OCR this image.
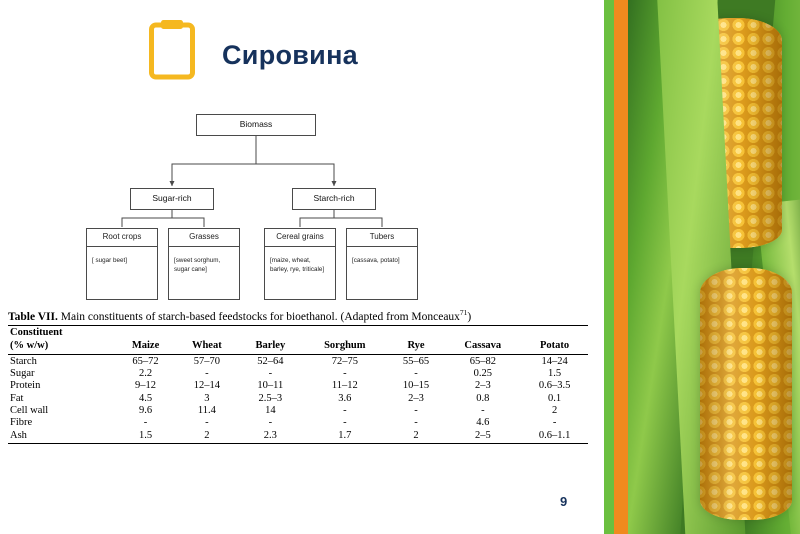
Сировина
Biomass
Sugar-rich	Starch-rich
Root crops
[ sugar beet]
Grasses
[sweet sorghum, sugar cane]
Cereal grains
[maize, wheat, barley, rye, triticale]
Tubers
[cassava, potato]
Table VII. Main constituents of starch-based feedstocks for bioethanol. (Adapted from Monceaux$^{71}$)
Constituent							
(% w/w)	Maize	Wheat	Barley	Sorghum	Rye	Cassava	Potato
Starch	65–72	57–70	52–64	72–75	55–65	65–82	14–24
Sugar	2.2	-	-	-	-	0.25	1.5
Protein	9–12	12–14	10–11	11–12	10–15	2–3	0.6–3.5
Fat	4.5	3	2.5–3	3.6	2–3	0.8	0.1
Cell wall	9.6	11.4	14	-	-	-	2
Fibre	-	-	-	-	-	4.6	-
Ash	1.5	2	2.3	1.7	2	2–5	0.6–1.1
9
